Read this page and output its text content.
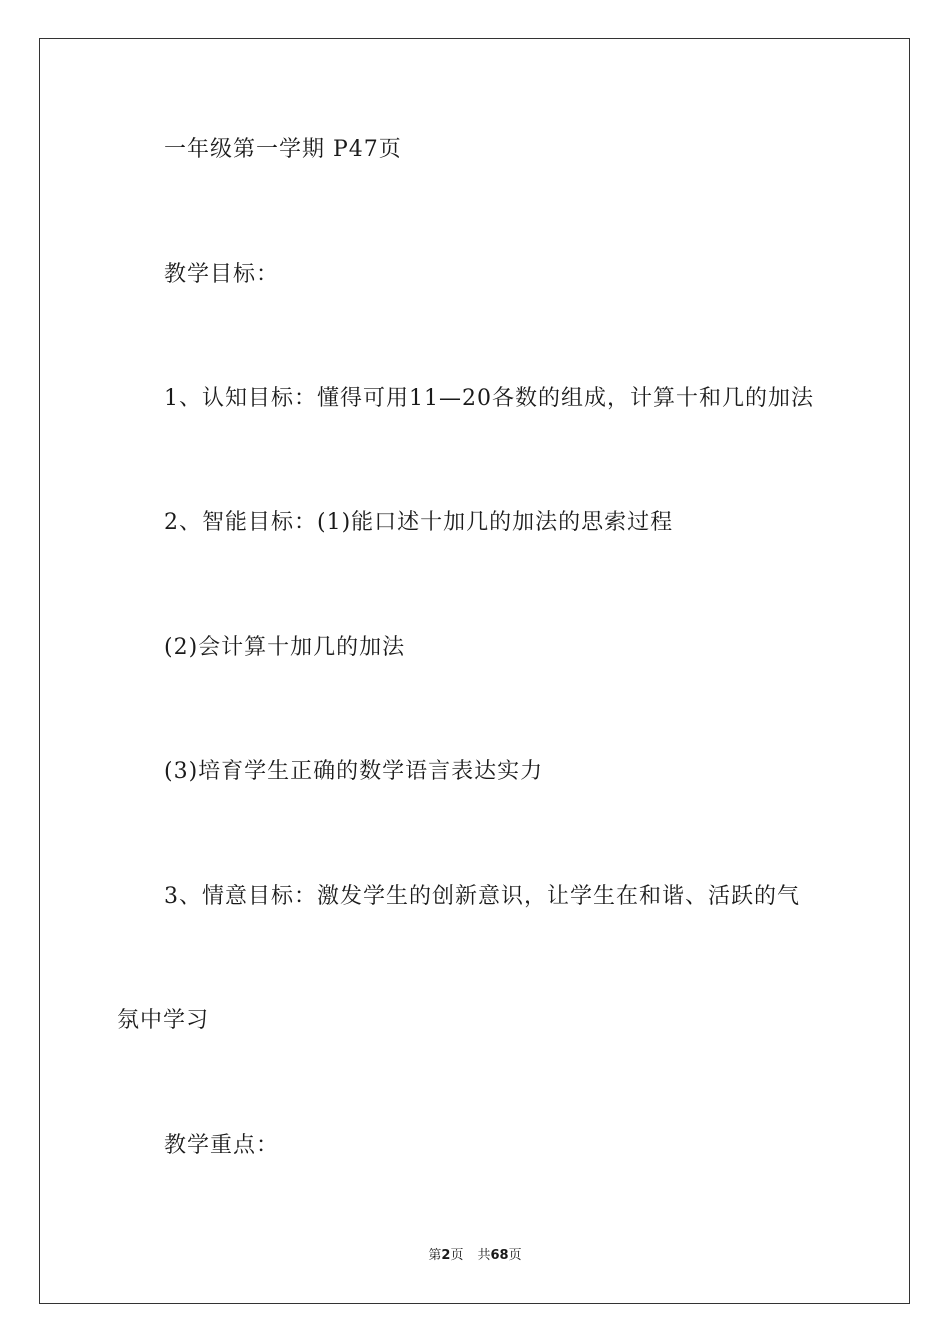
一年级第一学期 P47页
教学目标：
1、认知目标：懂得可用11—20各数的组成，计算十和几的加法
2、智能目标：(1)能口述十加几的加法的思索过程
(2)会计算十加几的加法
(3)培育学生正确的数学语言表达实力
3、情意目标：激发学生的创新意识，让学生在和谐、活跃的气
氛中学习
教学重点：
第2页 共68页
